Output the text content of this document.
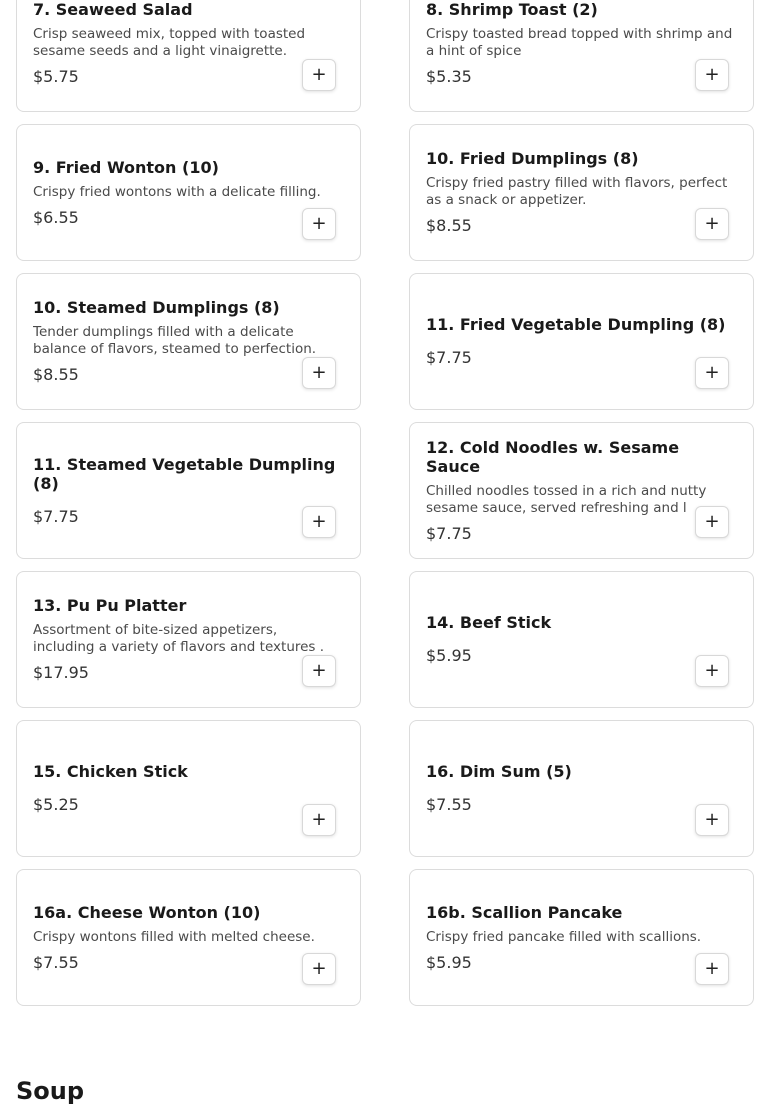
7. Seaweed Salad

Crisp seaweed mix, topped with toasted sesame seeds and a light vinaigrette.

$5.75	+
8. Shrimp Toast (2)

Crispy toasted bread topped with shrimp and a hint of spice

$5.35	+
9. Fried Wonton (10)

Crispy fried wontons with a delicate filling.

$6.55	+
10. Fried Dumplings (8)

Crispy fried pastry filled with flavors, perfect as a snack or appetizer.

$8.55	+
10. Steamed Dumplings (8)

Tender dumplings filled with a delicate balance of flavors, steamed to perfection.

$8.55	+
11. Fried Vegetable Dumpling (8)
$7.75
+
11. Steamed Vegetable Dumpling (8)
$7.75	+
12. Cold Noodles w. Sesame Sauce

Chilled noodles tossed in a rich and nutty sesame sauce, served refreshing and l

$7.75
+
13. Pu Pu Platter

Assortment of bite-sized appetizers, including a variety of flavors and textures .

$17.95	+
14. Beef Stick
$5.95
+
15. Chicken Stick
$5.25
+
16. Dim Sum (5)
$7.55
+
16a. Cheese Wonton (10)

Crispy wontons filled with melted cheese.

$7.55	+
16b. Scallion Pancake

Crispy fried pancake filled with scallions.

$5.95	+
Soup
